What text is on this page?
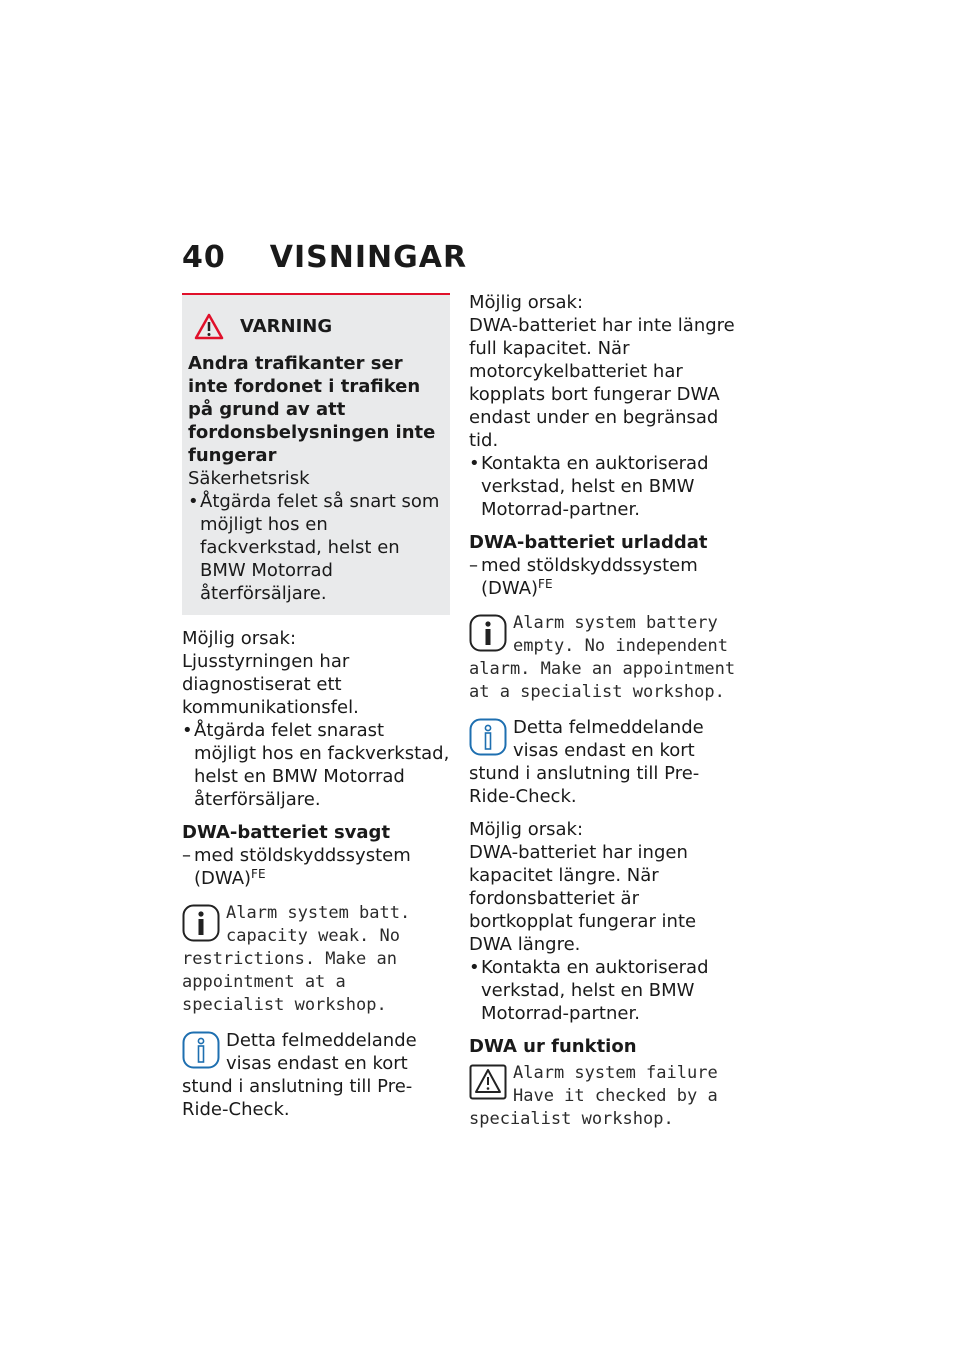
40 VISNINGAR
VARNING
Andra trafikanter ser inte fordonet i trafiken på grund av att fordonsbelysningen inte fungerar
Säkerhetsrisk
• Åtgärda felet så snart som möjligt hos en fackverkstad, helst en BMW Motorrad återförsäljare.
Möjlig orsak:
Ljusstyrningen har diagnostiserat ett kommunikationsfel.
• Åtgärda felet snarast möjligt hos en fackverkstad, helst en BMW Motorrad återförsäljare.
DWA-batteriet svagt
– med stöldskyddssystem (DWA)$^{FE}$
Alarm system batt. capacity weak. No restrictions. Make an appointment at a specialist workshop.
Detta felmeddelande visas endast en kort stund i anslutning till Pre-Ride-Check.
Möjlig orsak:
DWA-batteriet har inte längre full kapacitet. När motorcykelbatteriet har kopplats bort fungerar DWA endast under en begränsad tid.
• Kontakta en auktoriserad verkstad, helst en BMW Motorrad-partner.
DWA-batteriet urladdat
– med stöldskyddssystem (DWA)$^{FE}$
Alarm system battery empty. No independent alarm. Make an appointment at a specialist workshop.
Detta felmeddelande visas endast en kort stund i anslutning till Pre-Ride-Check.
Möjlig orsak:
DWA-batteriet har ingen kapacitet längre. När fordonsbatteriet är bortkopplat fungerar inte DWA längre.
• Kontakta en auktoriserad verkstad, helst en BMW Motorrad-partner.
DWA ur funktion
Alarm system failure Have it checked by a specialist workshop.
